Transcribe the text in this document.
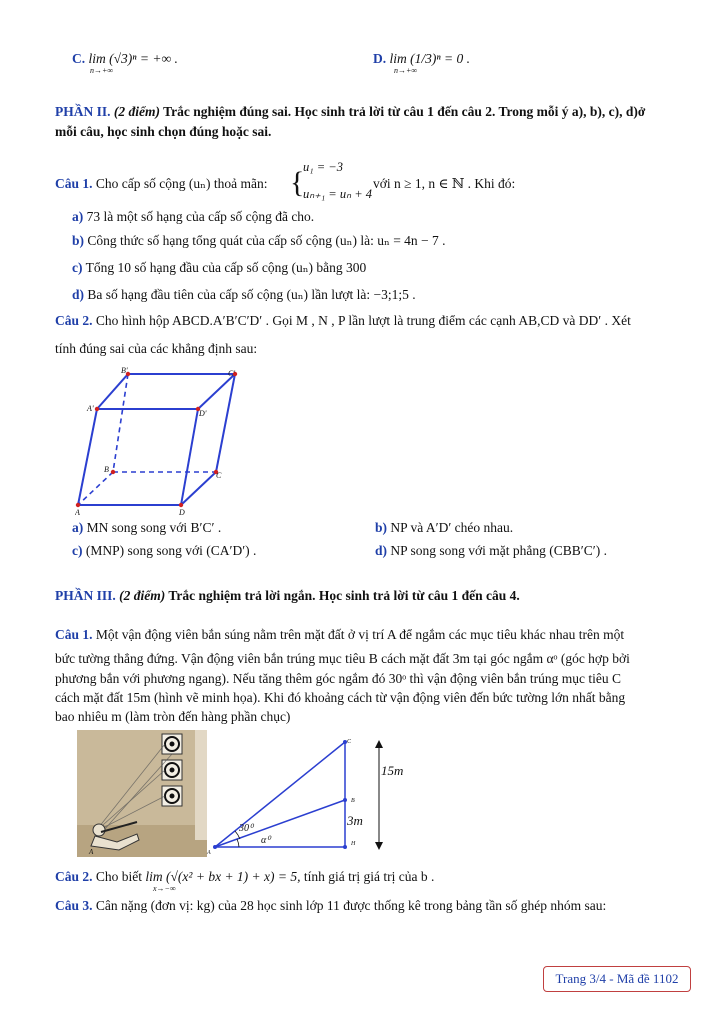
C. lim (√3)ⁿ = +∞ .
n→+∞
D. lim (1/3)ⁿ = 0 .
n→+∞
PHẦN II. (2 điểm) Trắc nghiệm đúng sai. Học sinh trả lời từ câu 1 đến câu 2. Trong mỗi ý a), b), c), d)ở
mỗi câu, học sinh chọn đúng hoặc sai.
Câu 1. Cho cấp số cộng (uₙ) thoả mãn: {
u₁ = −3
uₙ₊₁ = uₙ + 4
với n ≥ 1, n ∈ ℕ . Khi đó:
a) 73 là một số hạng của cấp số cộng đã cho.
b) Công thức số hạng tổng quát của cấp số cộng (uₙ) là: uₙ = 4n − 7 .
c) Tổng 10 số hạng đầu của cấp số cộng (uₙ) bằng 300
d) Ba số hạng đầu tiên của cấp số cộng (uₙ) lần lượt là: −3;1;5 .
Câu 2. Cho hình hộp ABCD.A′B′C′D′ . Gọi M , N , P lần lượt là trung điểm các cạnh AB,CD và DD′ . Xét
tính đúng sai của các khẳng định sau:
B'	C'
A'
D'
B
C
A	D
a) MN song song với B′C′ .	b) NP và A′D′ chéo nhau.
c) (MNP) song song với (CA′D′) .	d) NP song song với mặt phẳng (CBB′C′) .
PHẦN III. (2 điểm) Trắc nghiệm trả lời ngắn. Học sinh trả lời từ câu 1 đến câu 4.
Câu 1. Một vận động viên bắn súng nằm trên mặt đất ở vị trí A để ngắm các mục tiêu khác nhau trên một
bức tường thẳng đứng. Vận động viên bắn trúng mục tiêu B cách mặt đất 3m tại góc ngắm αᵒ (góc hợp bởi
phương bắn với phương ngang). Nếu tăng thêm góc ngắm đó 30ᵒ thì vận động viên bắn trúng mục tiêu C
cách mặt đất 15m (hình vẽ minh họa). Khi đó khoảng cách từ vận động viên đến bức tường lớn nhất bằng
bao nhiêu m (làm tròn đến hàng phần chục)
A
C
B
H
A
30⁰
α⁰
15m
3m
Câu 2. Cho biết lim (√(x² + bx + 1) + x) = 5, tính giá trị giá trị của b .
x→−∞
Câu 3. Cân nặng (đơn vị: kg) của 28 học sinh lớp 11 được thống kê trong bảng tần số ghép nhóm sau:
Trang 3/4 - Mã đề 1102
